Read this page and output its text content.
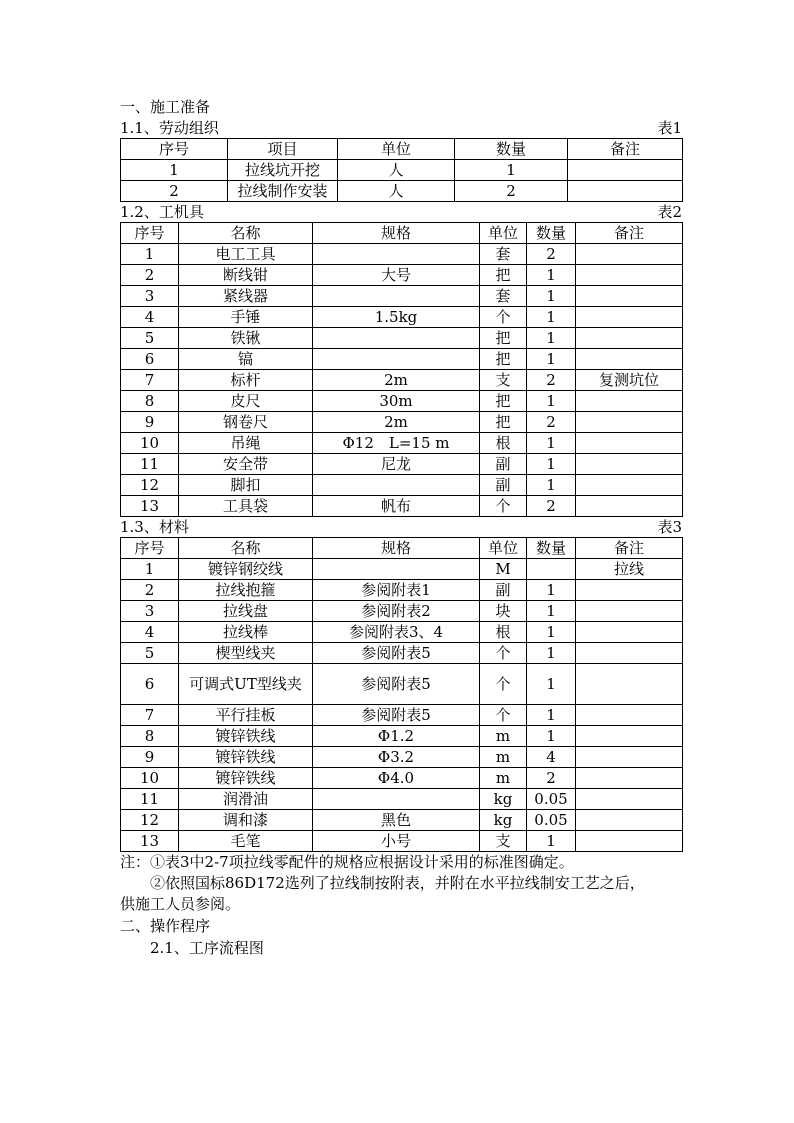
一、施工准备
1.1、劳动组织	表1
序号	项目	单位	数量	备注
1	拉线坑开挖	人	1	
2	拉线制作安装	人	2	
1.2、工机具	表2
序号	名称	规格	单位	数量	备注
1	电工工具		套	2	
2	断线钳	大号	把	1	
3	紧线器		套	1	
4	手锤	1.5kg	个	1	
5	铁锹		把	1	
6	镐		把	1	
7	标杆	2m	支	2	复测坑位
8	皮尺	30m	把	1	
9	钢卷尺	2m	把	2	
10	吊绳	Φ12　L=15 m	根	1	
11	安全带	尼龙	副	1	
12	脚扣		副	1	
13	工具袋	帆布	个	2	
1.3、材料	表3
序号	名称	规格	单位	数量	备注
1	镀锌钢绞线		M		拉线
2	拉线抱箍	参阅附表1	副	1	
3	拉线盘	参阅附表2	块	1	
4	拉线棒	参阅附表3、4	根	1	
5	楔型线夹	参阅附表5	个	1	
6	可调式UT型线夹	参阅附表5	个	1	
7	平行挂板	参阅附表5	个	1	
8	镀锌铁线	Φ1.2	m	1	
9	镀锌铁线	Φ3.2	m	4	
10	镀锌铁线	Φ4.0	m	2	
11	润滑油		kg	0.05	
12	调和漆	黑色	kg	0.05	
13	毛笔	小号	支	1	
注：①表3中2-7项拉线零配件的规格应根据设计采用的标准图确定。
②依照国标86D172选列了拉线制按附表，并附在水平拉线制安工艺之后，
供施工人员参阅。
二、操作程序
2.1、工序流程图
